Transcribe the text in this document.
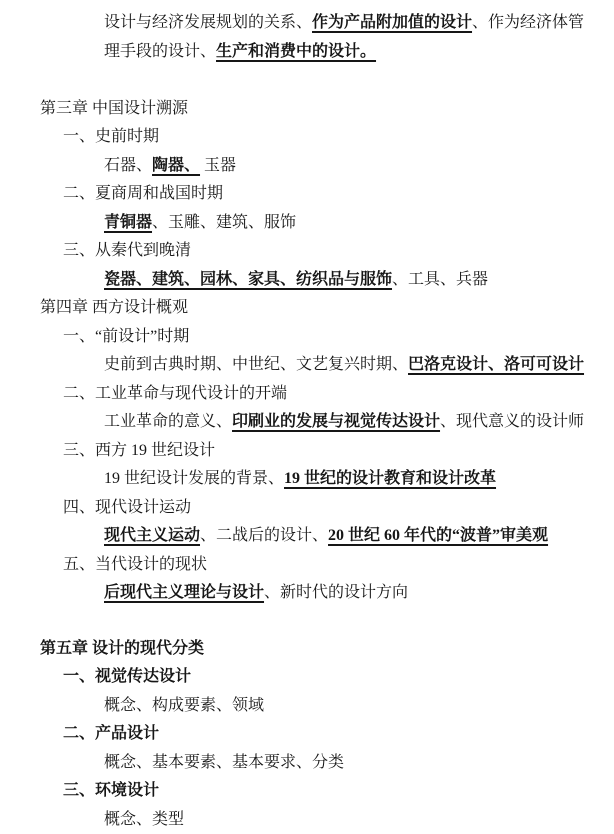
设计与经济发展规划的关系、作为产品附加值的设计、作为经济体管
理手段的设计、生产和消费中的设计。
第三章 中国设计溯源
一、史前时期
石器、陶器、 玉器
二、夏商周和战国时期
青铜器、玉雕、建筑、服饰
三、从秦代到晚清
瓷器、建筑、园林、家具、纺织品与服饰、工具、兵器
第四章 西方设计概观
一、“前设计”时期
史前到古典时期、中世纪、文艺复兴时期、巴洛克设计、洛可可设计
二、工业革命与现代设计的开端
工业革命的意义、印刷业的发展与视觉传达设计、现代意义的设计师
三、西方 19 世纪设计
19 世纪设计发展的背景、19 世纪的设计教育和设计改革
四、现代设计运动
现代主义运动、二战后的设计、20 世纪 60 年代的“波普”审美观
五、当代设计的现状
后现代主义理论与设计、新时代的设计方向
第五章 设计的现代分类
一、视觉传达设计
概念、构成要素、领域
二、产品设计
概念、基本要素、基本要求、分类
三、环境设计
概念、类型
